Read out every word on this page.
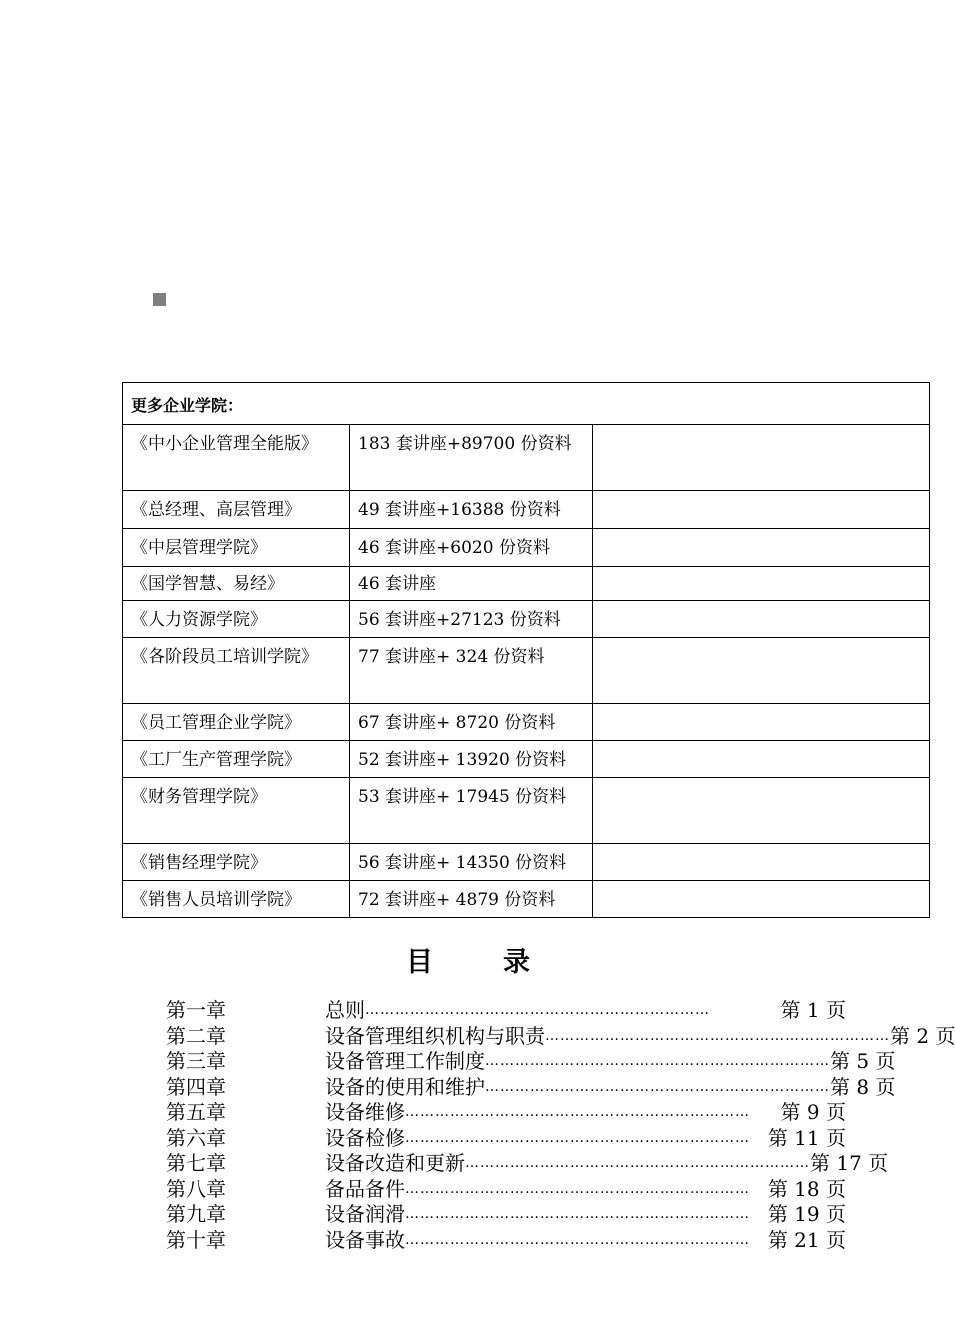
更多企业学院：		
《中小企业管理全能版》	183 套讲座+89700 份资料	
《总经理、高层管理》	49 套讲座+16388 份资料	
《中层管理学院》	46 套讲座+6020 份资料	
《国学智慧、易经》	46 套讲座	
《人力资源学院》	56 套讲座+27123 份资料	
《各阶段员工培训学院》	77 套讲座+ 324 份资料	
《员工管理企业学院》	67 套讲座+ 8720 份资料	
《工厂生产管理学院》	52 套讲座+ 13920 份资料	
《财务管理学院》	53 套讲座+ 17945 份资料	
《销售经理学院》	56 套讲座+ 14350 份资料	
《销售人员培训学院》	72 套讲座+ 4879 份资料	
目录
第一章	总则 ……………………………………………………………	第 1 页
第二章	设备管理组织机构与职责 …………………………………………………………… 第 2 页
第三章	设备管理工作制度 …………………………………………………………… 第 5 页
第四章	设备的使用和维护 …………………………………………………………… 第 8 页
第五章	设备维修 ……………………………………………………………	第 9 页
第六章	设备检修 …………………………………………………………… 第 11 页
第七章	设备改造和更新 …………………………………………………………… 第 17 页
第八章	备品备件 …………………………………………………………… 第 18 页
第九章	设备润滑 …………………………………………………………… 第 19 页
第十章	设备事故 …………………………………………………………… 第 21 页
